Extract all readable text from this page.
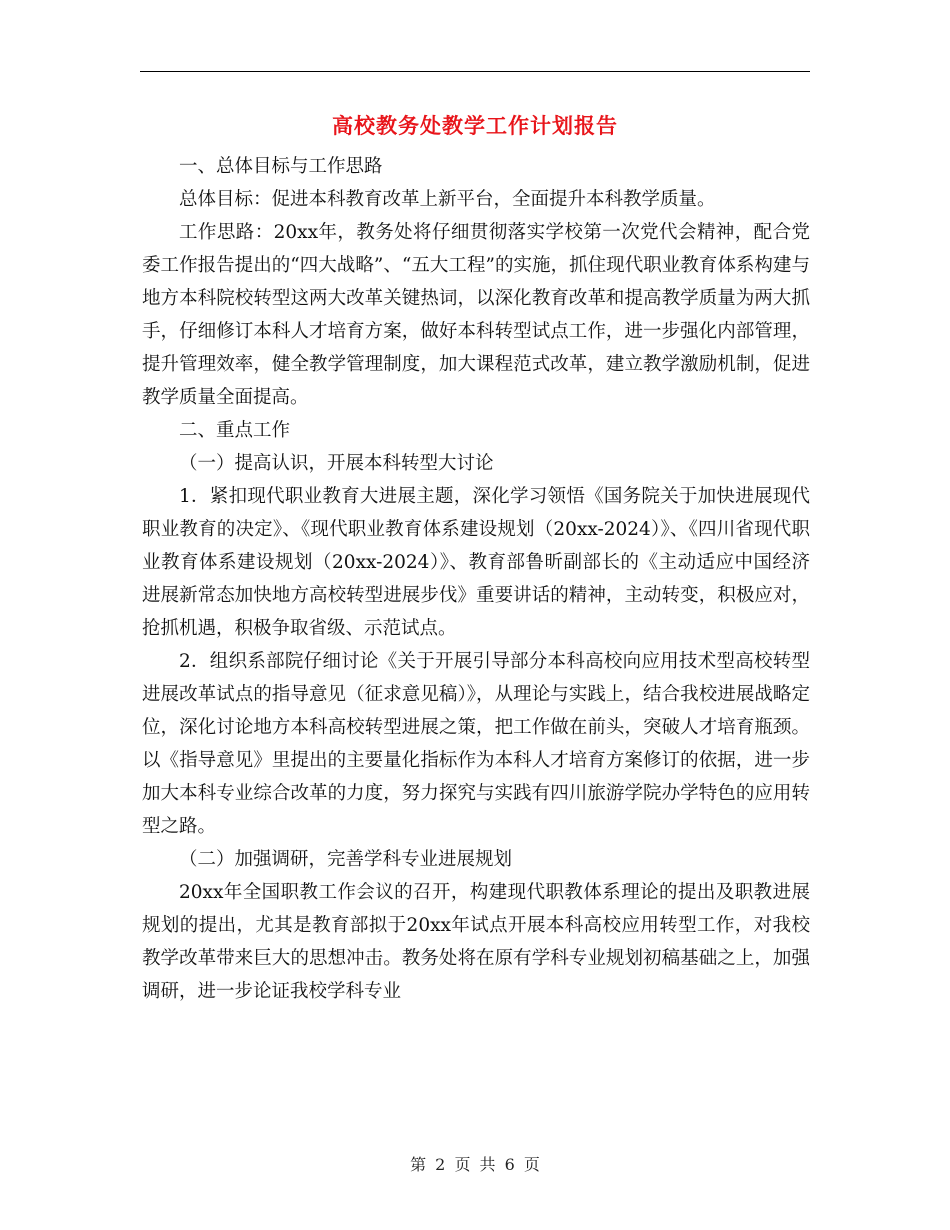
高校教务处教学工作计划报告

一、总体目标与工作思路

总体目标：促进本科教育改革上新平台，全面提升本科教学质量。

工作思路：20xx年，教务处将仔细贯彻落实学校第一次党代会精神，配合党委工作报告提出的“四大战略”、“五大工程”的实施，抓住现代职业教育体系构建与地方本科院校转型这两大改革关键热词，以深化教育改革和提高教学质量为两大抓手，仔细修订本科人才培育方案，做好本科转型试点工作，进一步强化内部管理，提升管理效率，健全教学管理制度，加大课程范式改革，建立教学激励机制，促进教学质量全面提高。

二、重点工作

（一）提高认识，开展本科转型大讨论

1．紧扣现代职业教育大进展主题，深化学习领悟《国务院关于加快进展现代职业教育的决定》、《现代职业教育体系建设规划（20xx-2024）》、《四川省现代职业教育体系建设规划（20xx-2024）》、教育部鲁昕副部长的《主动适应中国经济进展新常态加快地方高校转型进展步伐》重要讲话的精神，主动转变，积极应对，抢抓机遇，积极争取省级、示范试点。

2．组织系部院仔细讨论《关于开展引导部分本科高校向应用技术型高校转型进展改革试点的指导意见（征求意见稿）》，从理论与实践上，结合我校进展战略定位，深化讨论地方本科高校转型进展之策，把工作做在前头，突破人才培育瓶颈。以《指导意见》里提出的主要量化指标作为本科人才培育方案修订的依据，进一步加大本科专业综合改革的力度，努力探究与实践有四川旅游学院办学特色的应用转型之路。

（二）加强调研，完善学科专业进展规划

20xx年全国职教工作会议的召开，构建现代职教体系理论的提出及职教进展规划的提出，尤其是教育部拟于20xx年试点开展本科高校应用转型工作，对我校教学改革带来巨大的思想冲击。教务处将在原有学科专业规划初稿基础之上，加强调研，进一步论证我校学科专业

第 2 页 共 6 页
